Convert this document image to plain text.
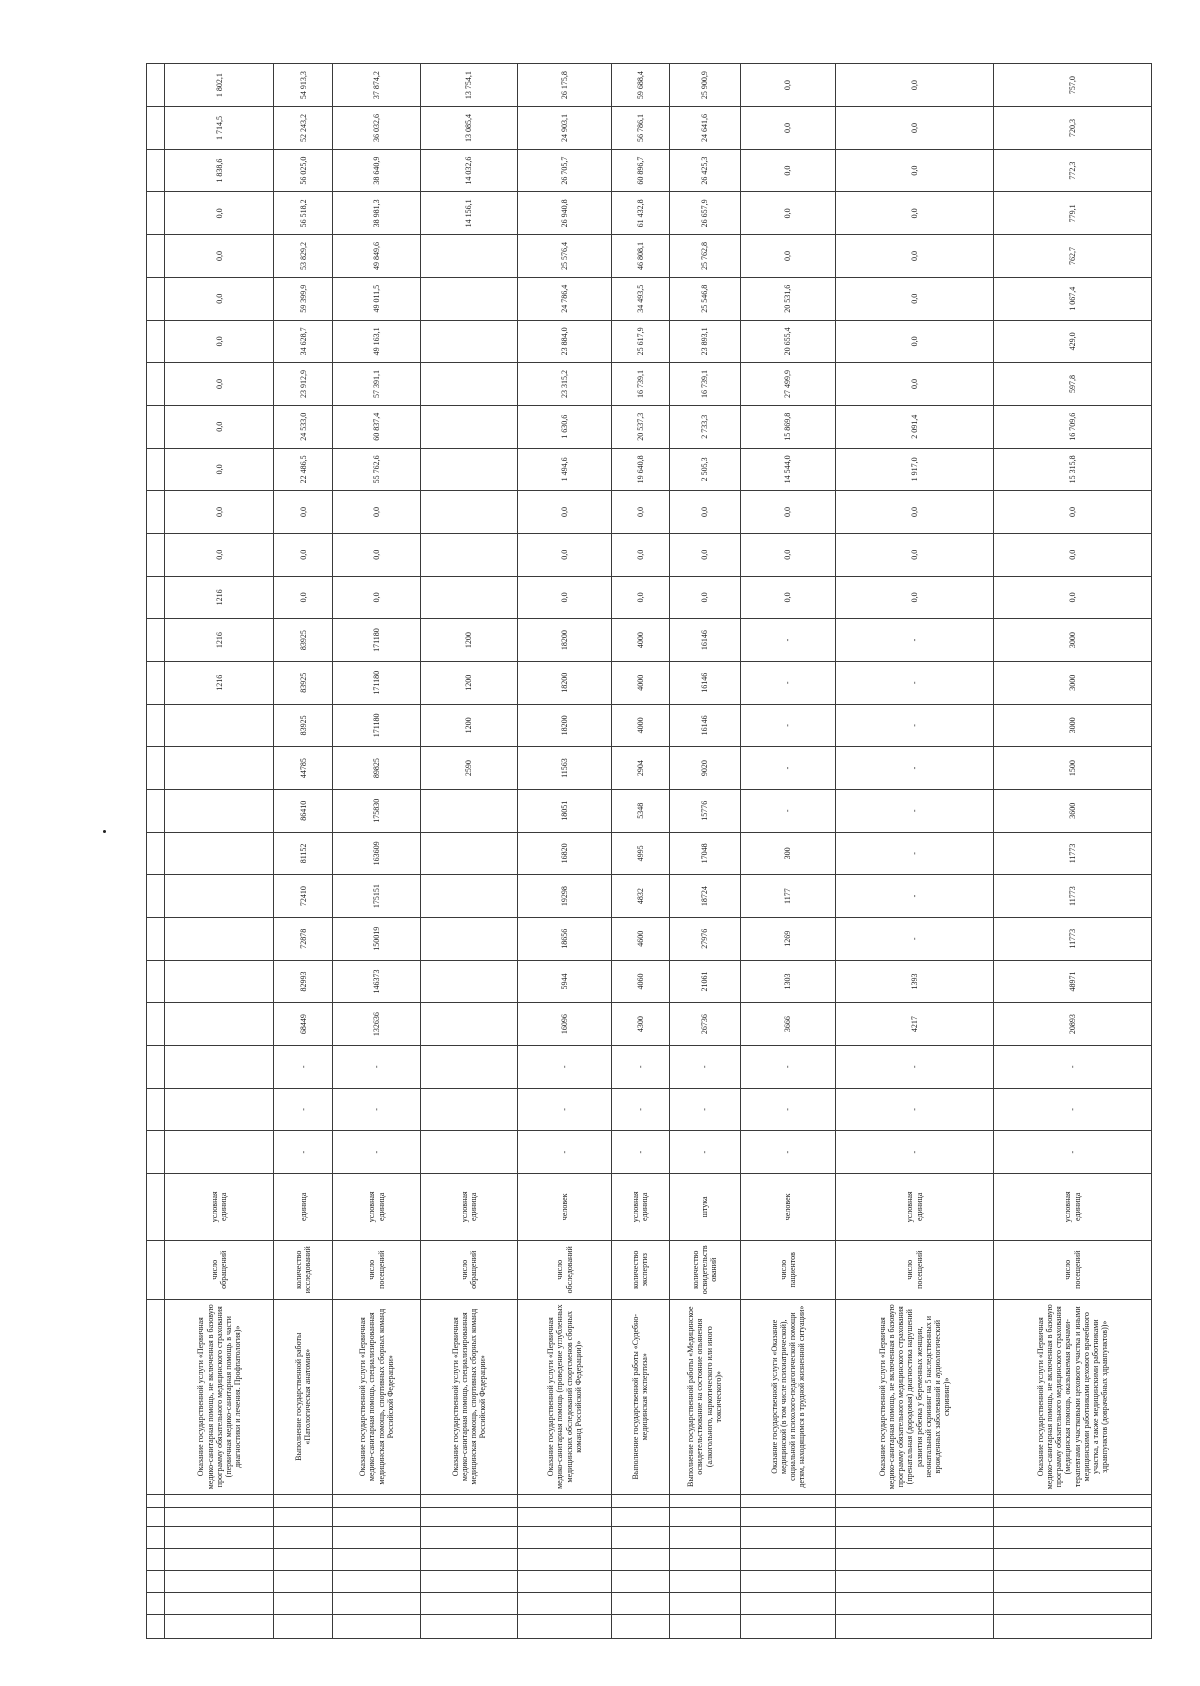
							Оказание государственной услуги «Первичная медико-санитарная помощь, не включенная в базовую программу обязательного медицинского страхования (первичная медико-санитарная помощь в части диагностики и лечения. Профпатология)»	число обращений	условная единица												1216	1216	1216	0,0	0,0	0,0	0,0	0,0	0,0	0,0	0,0	0,0	1 838,6	1 714,5	1 802,1
							Выполнение государственной работы «Патологическая анатомия»	количество исследований	единица	-	-	-	68449	82993	72878	72410	81152	86410	44785	83925	83925	83925	0,0	0,0	0,0	22 486,5	24 533,0	23 912,9	34 628,7	59 399,9	53 829,2	56 518,2	56 025,0	52 243,2	54 913,3
							Оказание государственной услуги «Первичная медико-санитарная помощь, специализированная медицинская помощь, спортивных сборных команд Российской Федерации»	число посещений	условная единица	-	-	-	132636	146373	150019	175151	163609	175830	89825	171180	171180	171180	0,0	0,0	0,0	55 762,6	60 837,4	57 391,1	49 163,1	49 011,5	49 849,6	38 981,3	38 640,9	36 032,6	37 874,2
							Оказание государственной услуги «Первичная медико-санитарная помощь, специализированная медицинская помощь, спортивных сборных команд Российской Федерации»	число обращений	условная единица										2590	1200	1200	1200										14 156,1	14 032,6	13 085,4	13 754,1
							Оказание государственной услуги «Первичная медико-санитарная помощь (проведение углубленных медицинских обследований спортсменов сборных команд Российской Федерации)»	число обследований	человек	-	-	-	16096	5944	18656	19298	16820	18051	11563	18200	18200	18200	0,0	0,0	0,0	1 494,6	1 630,6	23 315,2	23 884,0	24 786,4	25 576,4	26 940,8	26 705,7	24 903,1	26 175,8
							Выполнение государственной работы «Судебно-медицинская экспертиза»	количество экспертиз	условная единица	-	-	-	4300	4060	4600	4832	4995	5348	2904	4000	4000	4000	0,0	0,0	0,0	19 640,8	20 537,3	16 739,1	25 617,9	34 493,5	46 808,1	61 432,8	60 896,7	56 786,1	59 688,4
							Выполнение государственной работы «Медицинское освидетельствование на состояние опьянения (алкогольного, наркотического или иного токсического)»	количество освидетельствований	штука	-	-	-	26736	21061	27976	18724	17048	15776	9020	16146	16146	16146	0,0	0,0	0,0	2 505,3	2 733,3	16 739,1	23 893,1	25 546,8	25 762,8	26 657,9	26 425,3	24 641,6	25 900,9
							Оказание государственной услуги «Оказание медицинской (в том числе психиатрической), социальной и психолого-педагогической помощи детям, находящимся в трудной жизненной ситуации»	число пациентов	человек	-	-	-	3666	1303	1269	1177	300	-	-	-	-	-	0,0	0,0	0,0	14 544,0	15 869,8	27 499,9	20 655,4	20 531,6	0,0	0,0	0,0	0,0	0,0
							Оказание государственной услуги «Первичная медико-санитарная помощь, не включенная в базовую программу обязательного медицинского страхования (пренатальная (дородовая) диагностика нарушений развития ребенка у беременных женщин, неонатальный скрининг на 5 наследственных и врожденных заболеваний и аудиологический скрининг)»	число посещений	условная единица	-	-	-	4217	1393	-	-	-	-	-	-	-	-	0,0	0,0	0,0	1 917,0	2 091,4	0,0	0,0	0,0	0,0	0,0	0,0	0,0	0,0
							Оказание государственной услуги «Первичная медико-санитарная помощь, не включенная в базовую программу обязательного медицинского страхования (медицинская помощь, оказываемая врачами-терапевтами участковыми цехового участка и иными медицинскими работниками цехового врачебного участка, а также медицинскими работниками здравпунктов (доврачебных здравпунктов))»	число посещений	условная единица	-	-	-	20893	48971	11773	11773	11773	3600	1500	3000	3000	3000	0,0	0,0	0,0	15 315,8	16 709,6	597,8	429,0	1 067,4	762,7	779,1	772,3	720,3	757,0
